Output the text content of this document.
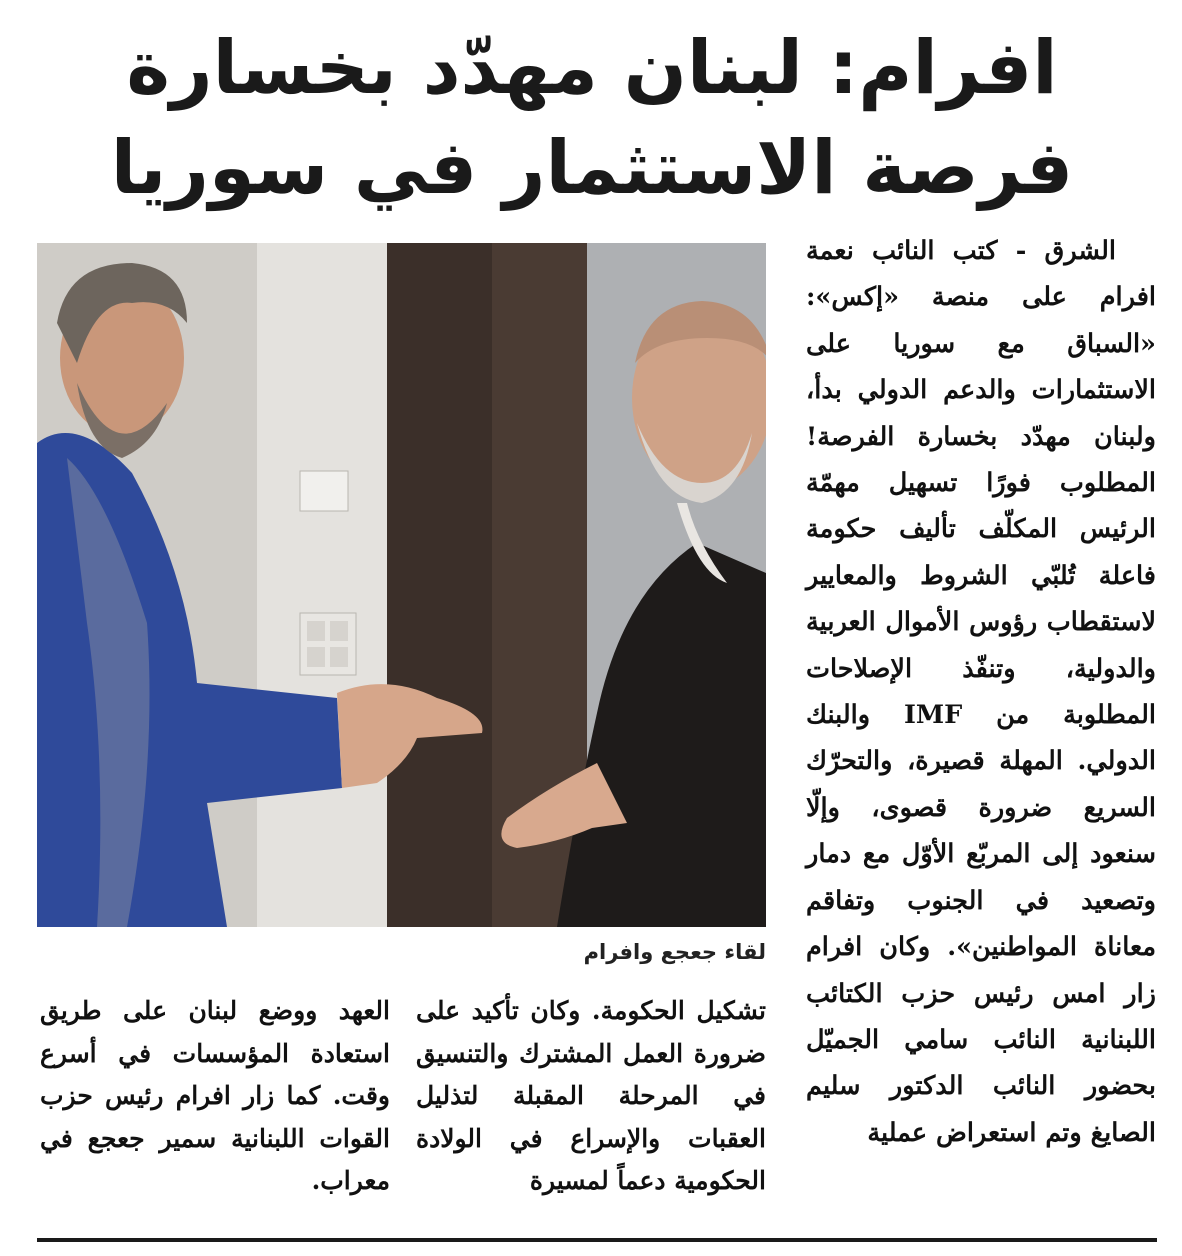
افرام: لبنان مهدّد بخسارة
فرصة الاستثمار في سوريا

الشرق - كتب النائب نعمة افرام على منصة «إكس»: «السباق مع سوريا على الاستثمارات والدعم الدولي بدأ، ولبنان مهدّد بخسارة الفرصة! المطلوب فورًا تسهيل مهمّة الرئيس المكلّف تأليف حكومة فاعلة تُلبّي الشروط والمعايير لاستقطاب رؤوس الأموال العربية والدولية، وتنفّذ الإصلاحات المطلوبة من IMF والبنك الدولي. المهلة قصيرة، والتحرّك السريع ضرورة قصوى، وإلّا سنعود إلى المربّع الأوّل مع دمار وتصعيد في الجنوب وتفاقم معاناة المواطنين». وكان افرام زار امس رئيس حزب الكتائب اللبنانية النائب سامي الجميّل بحضور النائب الدكتور سليم الصايغ وتم استعراض عملية

لقاء جعجع وافرام

تشكيل الحكومة. وكان تأكيد على ضرورة العمل المشترك والتنسيق في المرحلة المقبلة لتذليل العقبات والإسراع في الولادة الحكومية دعماً لمسيرة

العهد ووضع لبنان على طريق استعادة المؤسسات في أسرع وقت. كما زار افرام رئيس حزب القوات اللبنانية سمير جعجع في معراب.
